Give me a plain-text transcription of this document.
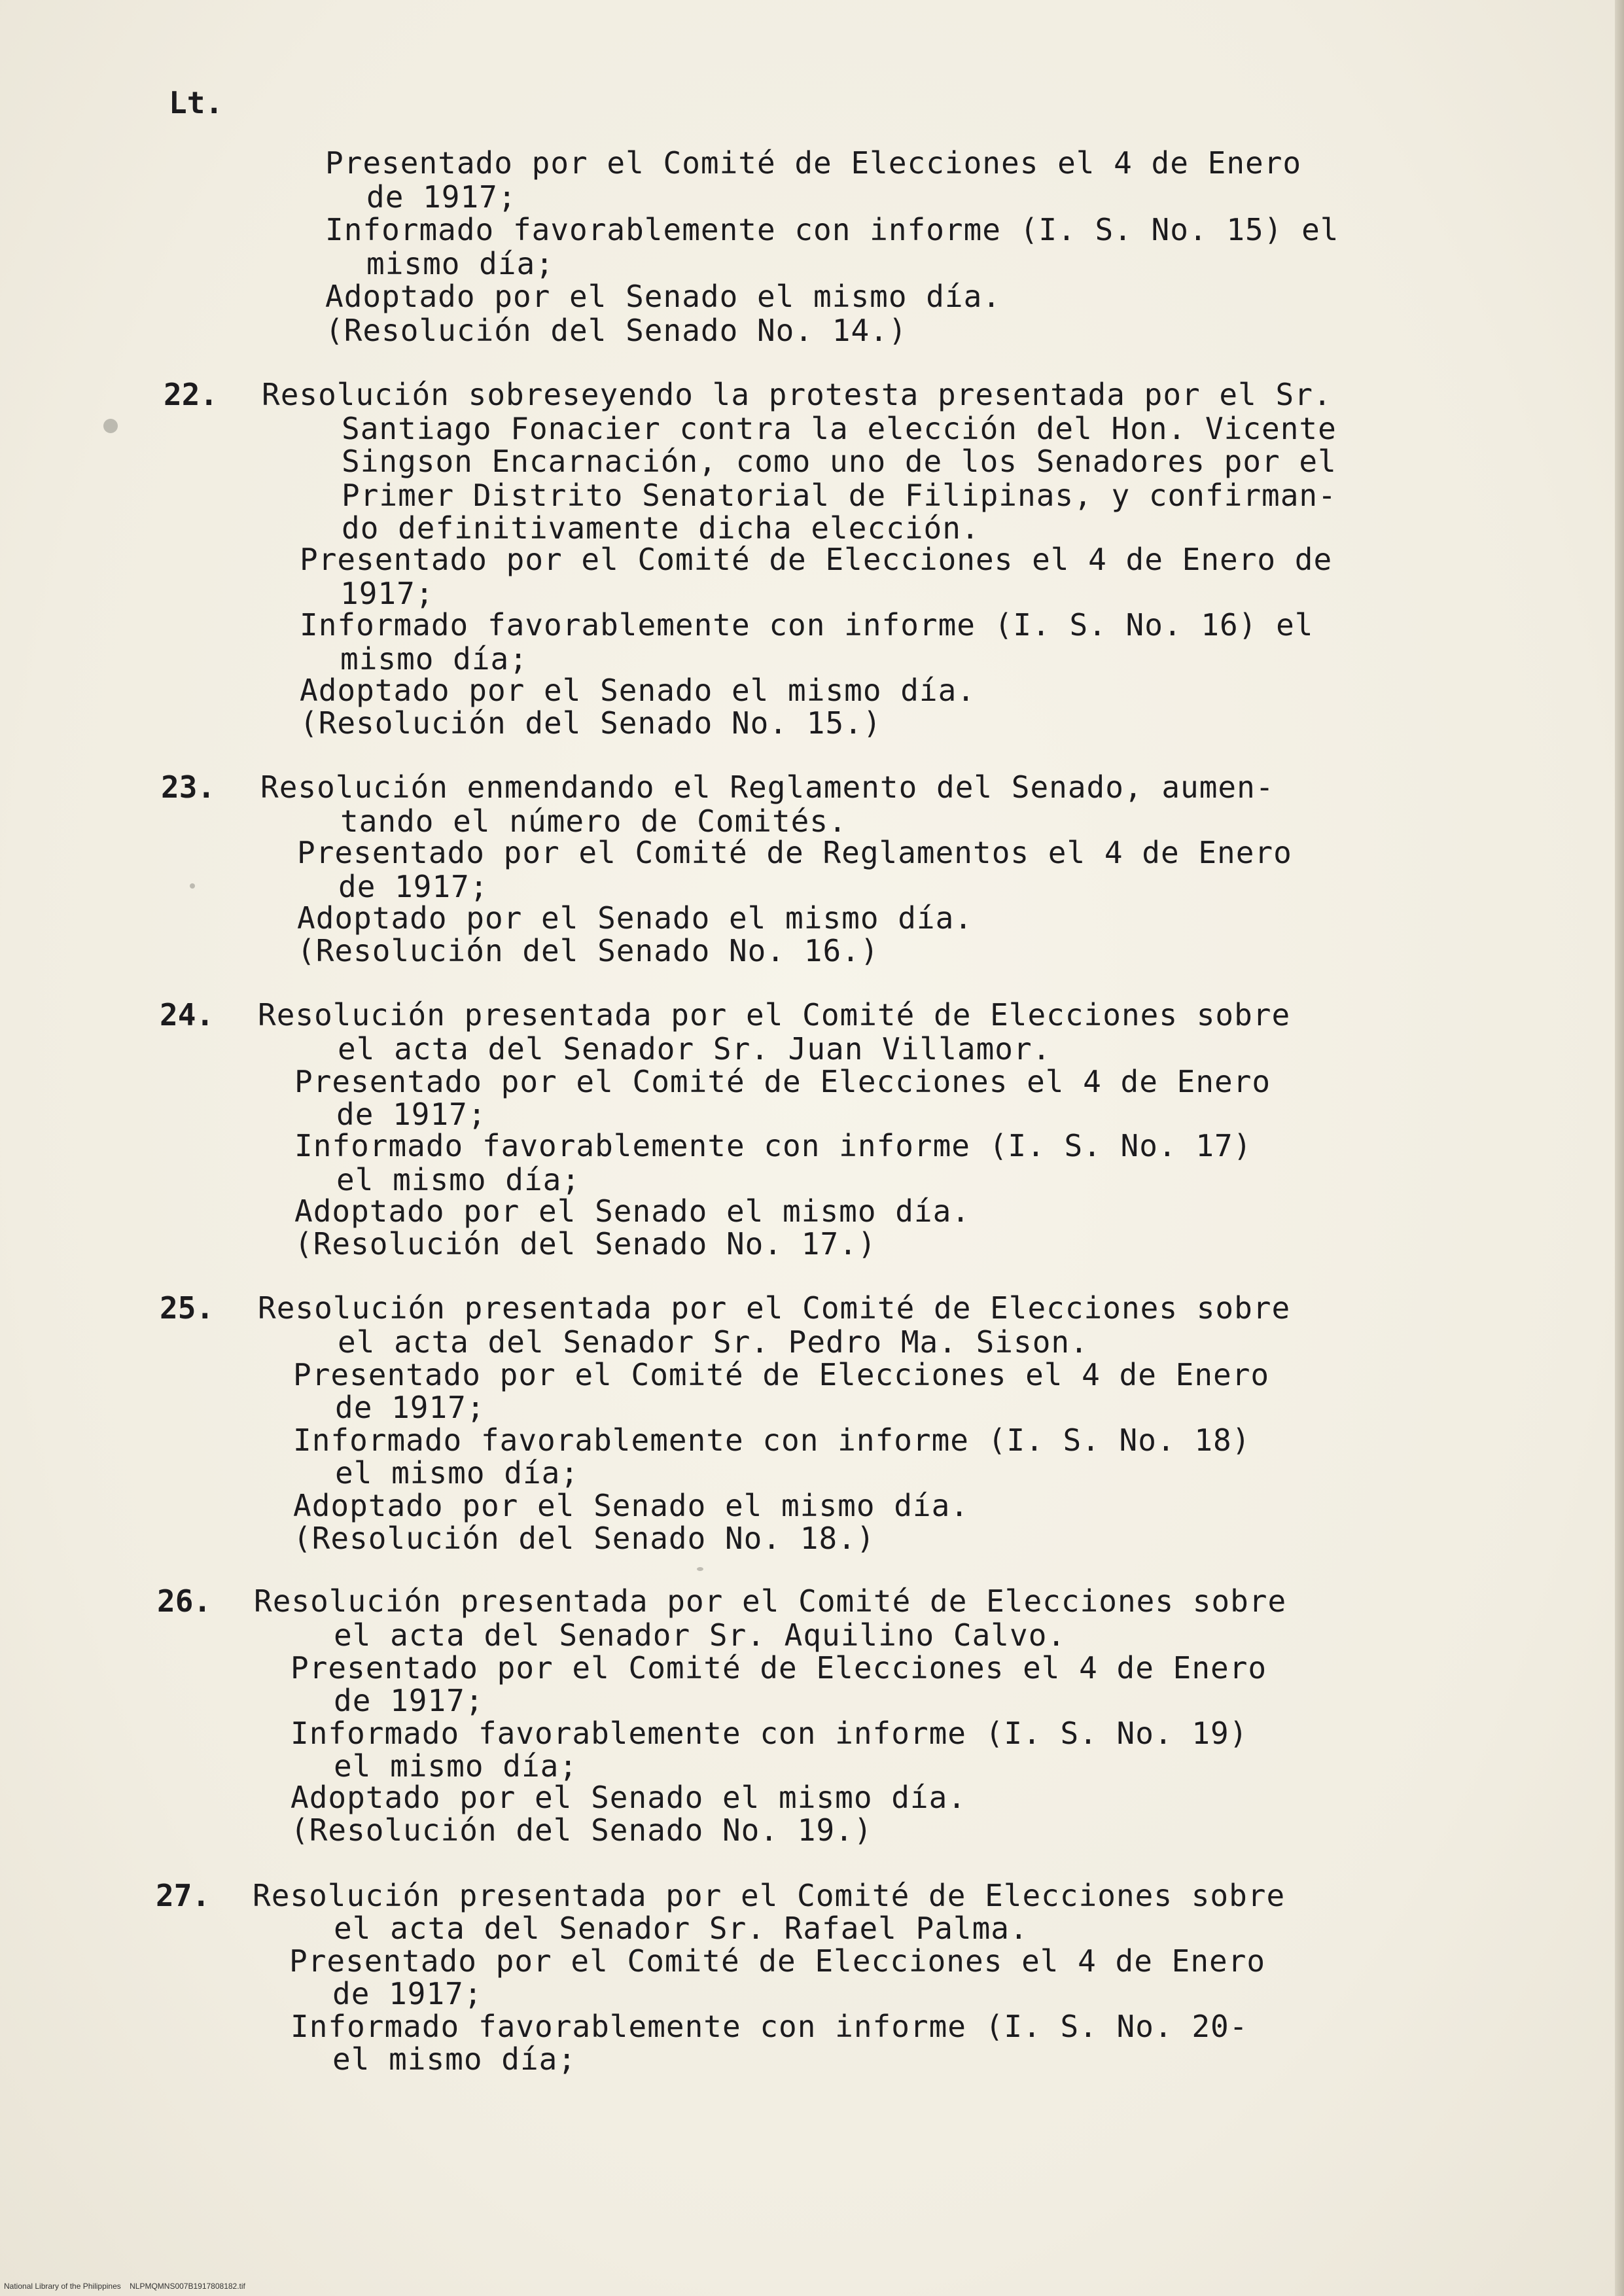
Lt.
Presentado por el Comité de Elecciones el 4 de Enero
de 1917;
Informado favorablemente con informe (I. S. No. 15) el
mismo día;
Adoptado por el Senado el mismo día.
(Resolución del Senado No. 14.)
22. Resolución sobreseyendo la protesta presentada por el Sr.
Santiago Fonacier contra la elección del Hon. Vicente
Singson Encarnación, como uno de los Senadores por el
Primer Distrito Senatorial de Filipinas, y confirman-
do definitivamente dicha elección.
Presentado por el Comité de Elecciones el 4 de Enero de
1917;
Informado favorablemente con informe (I. S. No. 16) el
mismo día;
Adoptado por el Senado el mismo día.
(Resolución del Senado No. 15.)
23. Resolución enmendando el Reglamento del Senado, aumen-
tando el número de Comités.
Presentado por el Comité de Reglamentos el 4 de Enero
de 1917;
Adoptado por el Senado el mismo día.
(Resolución del Senado No. 16.)
24. Resolución presentada por el Comité de Elecciones sobre
el acta del Senador Sr. Juan Villamor.
Presentado por el Comité de Elecciones el 4 de Enero
de 1917;
Informado favorablemente con informe (I. S. No. 17)
el mismo día;
Adoptado por el Senado el mismo día.
(Resolución del Senado No. 17.)
25. Resolución presentada por el Comité de Elecciones sobre
el acta del Senador Sr. Pedro Ma. Sison.
Presentado por el Comité de Elecciones el 4 de Enero
de 1917;
Informado favorablemente con informe (I. S. No. 18)
el mismo día;
Adoptado por el Senado el mismo día.
(Resolución del Senado No. 18.)
26. Resolución presentada por el Comité de Elecciones sobre
el acta del Senador Sr. Aquilino Calvo.
Presentado por el Comité de Elecciones el 4 de Enero
de 1917;
Informado favorablemente con informe (I. S. No. 19)
el mismo día;
Adoptado por el Senado el mismo día.
(Resolución del Senado No. 19.)
27. Resolución presentada por el Comité de Elecciones sobre
el acta del Senador Sr. Rafael Palma.
Presentado por el Comité de Elecciones el 4 de Enero
de 1917;
Informado favorablemente con informe (I. S. No. 20-
el mismo día;
National Library of the Philippines    NLPMQMNS007B1917808182.tif
